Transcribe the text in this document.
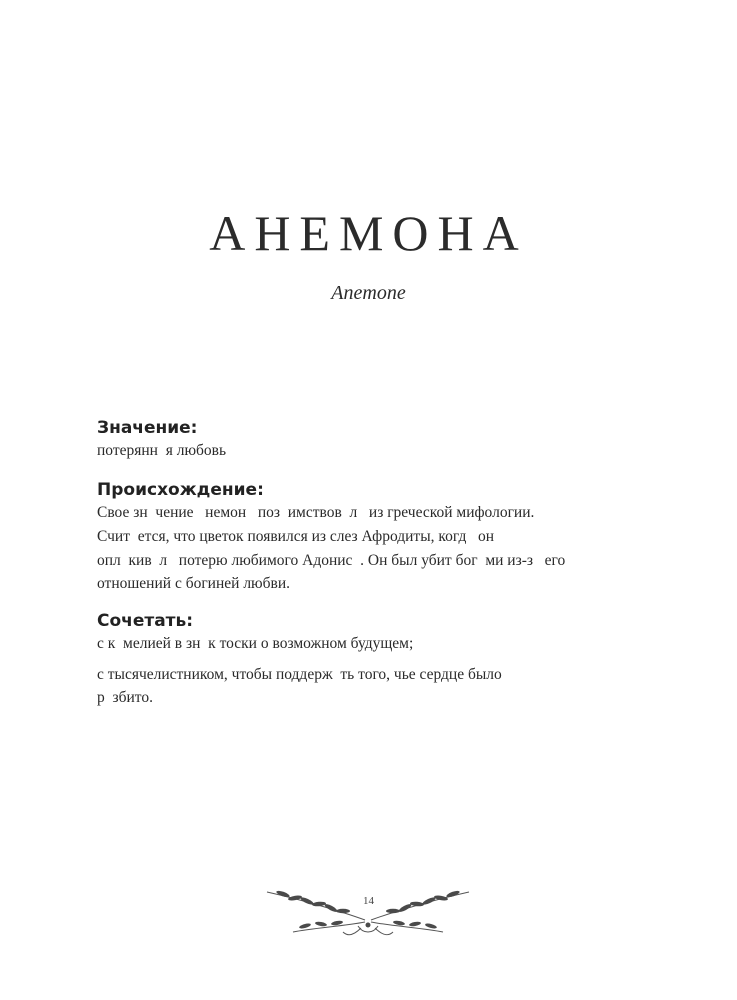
АНЕМОНА
Anemone
Значение:
потерянн  я любовь
Происхождение:
Свое зн  чение   немон   поз  имствов  л   из греческой мифологии.
Счит  ется, что цветок появился из слез Афродиты, когд   он
опл  кив  л   потерю любимого Адонис  . Он был убит бог  ми из-з   его
отношений с богиней любви.
Сочетать:
с к  мелией в зн  к тоски о возможном будущем;
с тысячелистником, чтобы поддерж  ть того, чье сердце было
р  збито.
14
